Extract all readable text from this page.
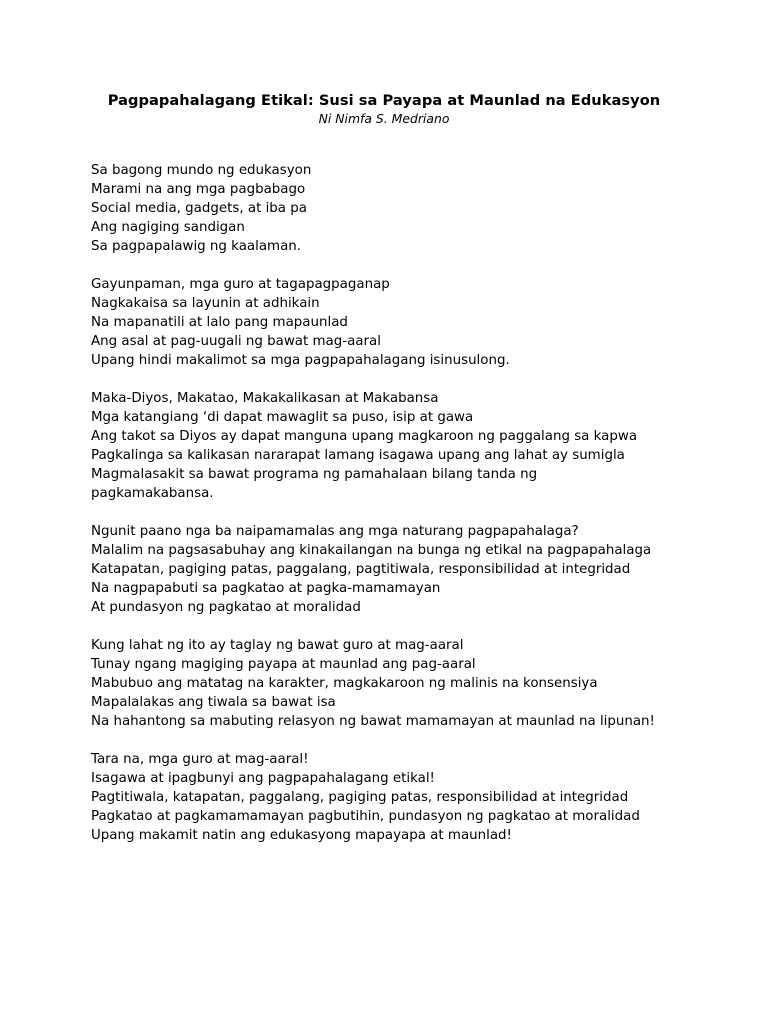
Pagpapahalagang Etikal: Susi sa Payapa at Maunlad na Edukasyon
Ni Nimfa S. Medriano
Sa bagong mundo ng edukasyon
Marami na ang mga pagbabago
Social media, gadgets, at iba pa
Ang nagiging sandigan
Sa pagpapalawig ng kaalaman.
Gayunpaman, mga guro at tagapagpaganap
Nagkakaisa sa layunin at adhikain
Na mapanatili at lalo pang mapaunlad
Ang asal at pag-uugali ng bawat mag-aaral
Upang hindi makalimot sa mga pagpapahalagang isinusulong.
Maka-Diyos, Makatao, Makakalikasan at Makabansa
Mga katangiang ‘di dapat mawaglit sa puso, isip at gawa
Ang takot sa Diyos ay dapat manguna upang magkaroon ng paggalang sa kapwa
Pagkalinga sa kalikasan nararapat lamang isagawa upang ang lahat ay sumigla
Magmalasakit sa bawat programa ng pamahalaan bilang tanda ng
pagkamakabansa.
Ngunit paano nga ba naipamamalas ang mga naturang pagpapahalaga?
Malalim na pagsasabuhay ang kinakailangan na bunga ng etikal na pagpapahalaga
Katapatan, pagiging patas, paggalang, pagtitiwala, responsibilidad at integridad
Na nagpapabuti sa pagkatao at pagka-mamamayan
At pundasyon ng pagkatao at moralidad
Kung lahat ng ito ay taglay ng bawat guro at mag-aaral
Tunay ngang magiging payapa at maunlad ang pag-aaral
Mabubuo ang matatag na karakter, magkakaroon ng malinis na konsensiya
Mapalalakas ang tiwala sa bawat isa
Na hahantong sa mabuting relasyon ng bawat mamamayan at maunlad na lipunan!
Tara na, mga guro at mag-aaral!
Isagawa at ipagbunyi ang pagpapahalagang etikal!
Pagtitiwala, katapatan, paggalang, pagiging patas, responsibilidad at integridad
Pagkatao at pagkamamamayan pagbutihin, pundasyon ng pagkatao at moralidad
Upang makamit natin ang edukasyong mapayapa at maunlad!
